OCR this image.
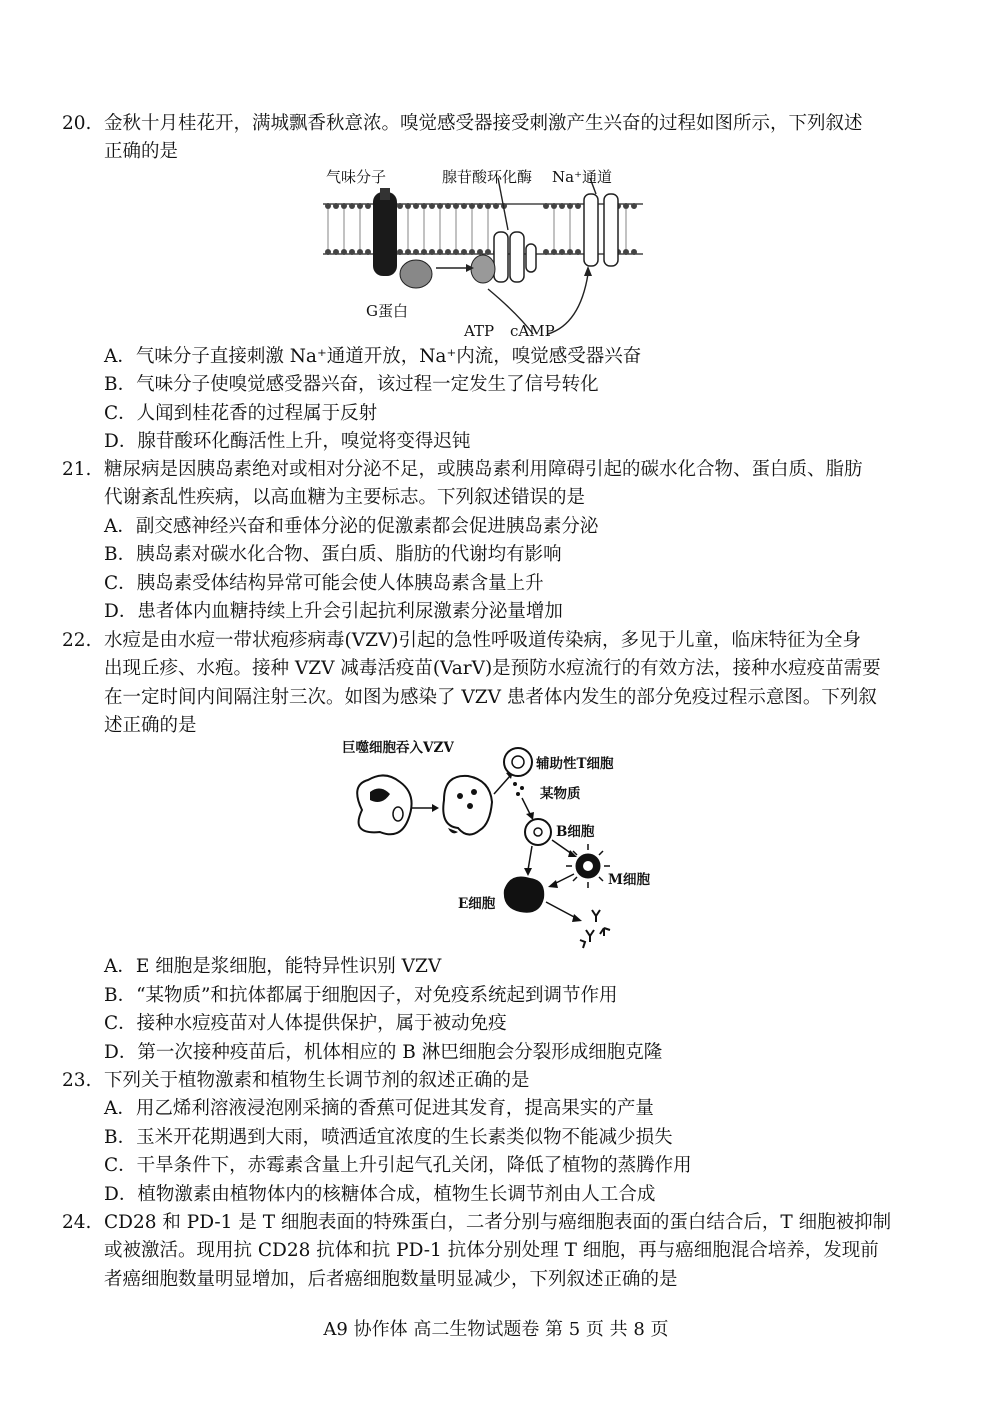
20. 金秋十月桂花开，满城飘香秋意浓。嗅觉感受器接受刺激产生兴奋的过程如图所示，下列叙述
正确的是
气味分子	腺苷酸环化酶 Na⁺通道
G蛋白
ATP cAMP
A．气味分子直接刺激 Na⁺通道开放，Na⁺内流，嗅觉感受器兴奋
B．气味分子使嗅觉感受器兴奋，该过程一定发生了信号转化
C．人闻到桂花香的过程属于反射
D．腺苷酸环化酶活性上升，嗅觉将变得迟钝
21. 糖尿病是因胰岛素绝对或相对分泌不足，或胰岛素利用障碍引起的碳水化合物、蛋白质、脂肪
代谢紊乱性疾病，以高血糖为主要标志。下列叙述错误的是
A．副交感神经兴奋和垂体分泌的促激素都会促进胰岛素分泌
B．胰岛素对碳水化合物、蛋白质、脂肪的代谢均有影响
C．胰岛素受体结构异常可能会使人体胰岛素含量上升
D．患者体内血糖持续上升会引起抗利尿激素分泌量增加
22. 水痘是由水痘一带状疱疹病毒(VZV)引起的急性呼吸道传染病，多见于儿童，临床特征为全身
出现丘疹、水疱。接种 VZV 减毒活疫苗(VarV)是预防水痘流行的有效方法，接种水痘疫苗需要
在一定时间内间隔注射三次。如图为感染了 VZV 患者体内发生的部分免疫过程示意图。下列叙
述正确的是
巨噬细胞吞入VZV
辅助性T细胞
某物质
B细胞
M细胞
E细胞
A．E 细胞是浆细胞，能特异性识别 VZV
B．“某物质”和抗体都属于细胞因子，对免疫系统起到调节作用
C．接种水痘疫苗对人体提供保护，属于被动免疫
D．第一次接种疫苗后，机体相应的 B 淋巴细胞会分裂形成细胞克隆
23. 下列关于植物激素和植物生长调节剂的叙述正确的是
A．用乙烯利溶液浸泡刚采摘的香蕉可促进其发育，提高果实的产量
B．玉米开花期遇到大雨，喷洒适宜浓度的生长素类似物不能减少损失
C．干旱条件下，赤霉素含量上升引起气孔关闭，降低了植物的蒸腾作用
D．植物激素由植物体内的核糖体合成，植物生长调节剂由人工合成
24. CD28 和 PD-1 是 T 细胞表面的特殊蛋白，二者分别与癌细胞表面的蛋白结合后，T 细胞被抑制
或被激活。现用抗 CD28 抗体和抗 PD-1 抗体分别处理 T 细胞，再与癌细胞混合培养，发现前
者癌细胞数量明显增加，后者癌细胞数量明显减少，下列叙述正确的是
A9 协作体 高二生物试题卷 第 5 页 共 8 页
